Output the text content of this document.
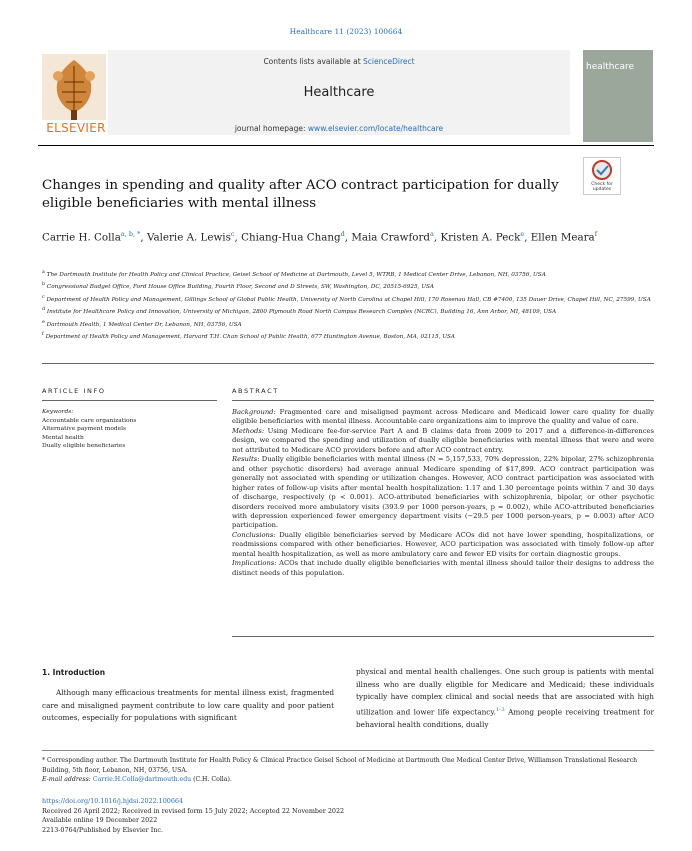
Healthcare 11 (2023) 100664
ELSEVIER
Contents lists available at ScienceDirect
Healthcare
journal homepage: www.elsevier.com/locate/healthcare
healthcare
Changes in spending and quality after ACO contract participation for dually eligible beneficiaries with mental illness
Check for updates
Carrie H. Colla$^{a, b, *}$, Valerie A. Lewis$^c$, Chiang-Hua Chang$^d$, Maia Crawford$^a$, Kristen A. Peck$^e$, Ellen Meara$^f$

$^a$ The Dartmouth Institute for Health Policy and Clinical Practice, Geisel School of Medicine at Dartmouth, Level 5, WTRB, 1 Medical Center Drive, Lebanon, NH, 03756, USA

$^b$ Congressional Budget Office, Ford House Office Building, Fourth Floor, Second and D Streets, SW, Washington, DC, 20515-6925, USA

$^c$ Department of Health Policy and Management, Gillings School of Global Public Health, University of North Carolina at Chapel Hill, 170 Rosenau Hall, CB #7400, 135 Dauer Drive, Chapel Hill, NC, 27599, USA

$^d$ Institute for Healthcare Policy and Innovation, University of Michigan, 2800 Plymouth Road North Campus Research Complex (NCRC), Building 16, Ann Arbor, MI, 48109, USA

$^e$ Dartmouth Health, 1 Medical Center Dr, Lebanon, NH, 03756, USA

$^f$ Department of Health Policy and Management, Harvard T.H. Chan School of Public Health, 677 Huntington Avenue, Boston, MA, 02115, USA

ARTICLE INFO	ABSTRACT

Keywords:

Accountable care organizations

Alternative payment models

Mental health

Dually eligible beneficiaries

Background: Fragmented care and misaligned payment across Medicare and Medicaid lower care quality for dually eligible beneficiaries with mental illness. Accountable care organizations aim to improve the quality and value of care.

Methods: Using Medicare fee-for-service Part A and B claims data from 2009 to 2017 and a difference-in-differences design, we compared the spending and utilization of dually eligible beneficiaries with mental illness that were and were not attributed to Medicare ACO providers before and after ACO contract entry.

Results: Dually eligible beneficiaries with mental illness (N = 5,157,533, 70% depression, 22% bipolar, 27% schizophrenia and other psychotic disorders) had average annual Medicare spending of $17,899. ACO contract participation was generally not associated with spending or utilization changes. However, ACO contract participation was associated with higher rates of follow-up visits after mental health hospitalization: 1.17 and 1.30 percentage points within 7 and 30 days of discharge, respectively (p < 0.001). ACO-attributed beneficiaries with schizophrenia, bipolar, or other psychotic disorders received more ambulatory visits (393.9 per 1000 person-years, p = 0.002), while ACO-attributed beneficiaries with depression experienced fewer emergency department visits (−29.5 per 1000 person-years, p = 0.003) after ACO participation.

Conclusions: Dually eligible beneficiaries served by Medicare ACOs did not have lower spending, hospitalizations, or readmissions compared with other beneficiaries. However, ACO participation was associated with timely follow-up after mental health hospitalization, as well as more ambulatory care and fewer ED visits for certain diagnostic groups.

Implications: ACOs that include dually eligible beneficiaries with mental illness should tailor their designs to address the distinct needs of this population.

1. Introduction
Although many efficacious treatments for mental illness exist, fragmented care and misaligned payment contribute to low care quality and poor patient outcomes, especially for populations with significant
physical and mental health challenges. One such group is patients with mental illness who are dually eligible for Medicare and Medicaid; these individuals typically have complex clinical and social needs that are associated with high utilization and lower life expectancy.$^{1-3}$ Among people receiving treatment for behavioral health conditions, dually

* Corresponding author. The Dartmouth Institute for Health Policy & Clinical Practice Geisel School of Medicine at Dartmouth One Medical Center Drive, Williamson Translational Research Building, 5th floor, Lebanon, NH, 03756, USA.

E-mail address: Carrie.H.Colla@dartmouth.edu (C.H. Colla).

https://doi.org/10.1016/j.hjdsi.2022.100664

Received 26 April 2022; Received in revised form 15 July 2022; Accepted 22 November 2022

Available online 19 December 2022

2213-0764/Published by Elsevier Inc.
